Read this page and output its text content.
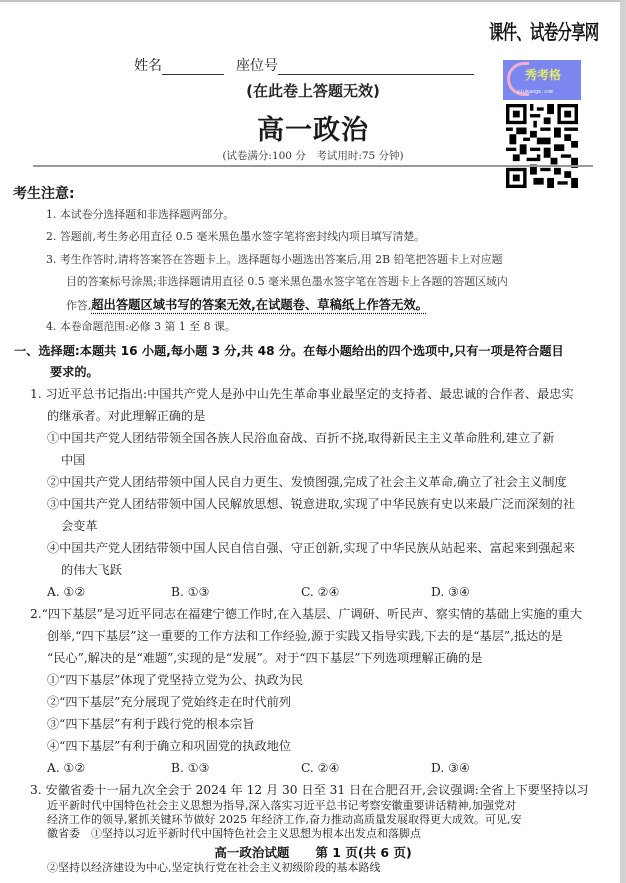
课件、试卷分享网
秀考格
xiukaoge.com
姓名	座位号
(在此卷上答题无效)
高一政治
(试卷满分:100 分　考试用时:75 分钟)
考生注意:
1. 本试卷分选择题和非选择题两部分。
2. 答题前,考生务必用直径 0.5 毫米黑色墨水签字笔将密封线内项目填写清楚。
3. 考生作答时,请将答案答在答题卡上。选择题每小题选出答案后,用 2B 铅笔把答题卡上对应题
目的答案标号涂黑;非选择题请用直径 0.5 毫米黑色墨水签字笔在答题卡上各题的答题区域内
作答,超出答题区域书写的答案无效,在试题卷、草稿纸上作答无效。
4. 本卷命题范围:必修 3 第 1 至 8 课。
一、选择题:本题共 16 小题,每小题 3 分,共 48 分。在每小题给出的四个选项中,只有一项是符合题目
要求的。
1. 习近平总书记指出:中国共产党人是孙中山先生革命事业最坚定的支持者、最忠诚的合作者、最忠实
的继承者。对此理解正确的是
①中国共产党人团结带领全国各族人民浴血奋战、百折不挠,取得新民主主义革命胜利,建立了新
中国
②中国共产党人团结带领中国人民自力更生、发愤图强,完成了社会主义革命,确立了社会主义制度
③中国共产党人团结带领中国人民解放思想、锐意进取,实现了中华民族有史以来最广泛而深刻的社
会变革
④中国共产党人团结带领中国人民自信自强、守正创新,实现了中华民族从站起来、富起来到强起来
的伟大飞跃
A. ①②	B. ①③	C. ②④	D. ③④
2.“四下基层”是习近平同志在福建宁德工作时,在入基层、广调研、听民声、察实情的基础上实施的重大
创举,“四下基层”这一重要的工作方法和工作经验,源于实践又指导实践,下去的是“基层”,抵达的是
“民心”,解决的是“难题”,实现的是“发展”。对于“四下基层”下列选项理解正确的是
①“四下基层”体现了党坚持立党为公、执政为民
②“四下基层”充分展现了党始终走在时代前列
③“四下基层”有利于践行党的根本宗旨
④“四下基层”有利于确立和巩固党的执政地位
A. ①②	B. ①③	C. ②④	D. ③④
3. 安徽省委十一届九次全会于 2024 年 12 月 30 日至 31 日在合肥召开,会议强调:全省上下要坚持以习
近平新时代中国特色社会主义思想为指导,深入落实习近平总书记考察安徽重要讲话精神,加强党对
经济工作的领导,紧抓关键环节做好 2025 年经济工作,奋力推动高质量发展取得更大成效。可见,安
徽省委　 ①坚持以习近平新时代中国特色社会主义思想为根本出发点和落脚点
②坚持以经济建设为中心,坚定执行党在社会主义初级阶段的基本路线
高一政治试题 第 1 页(共 6 页)
